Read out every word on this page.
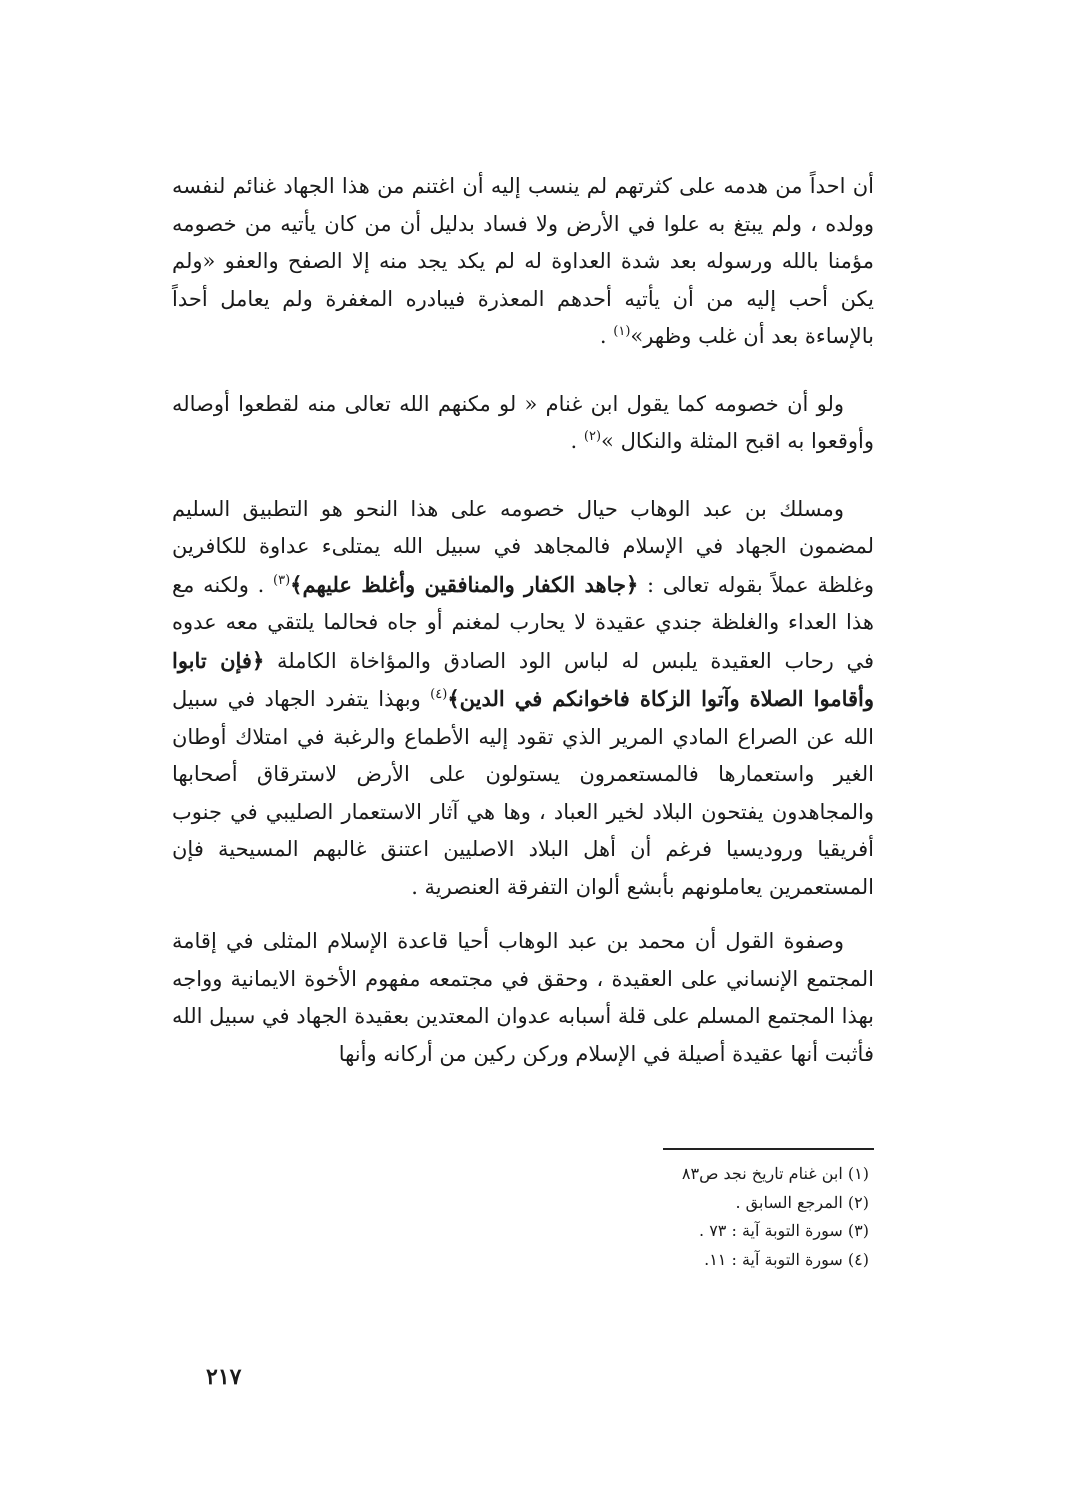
أن احداً من هدمه على كثرتهم لم ينسب إليه أن اغتنم من هذا الجهاد غنائم لنفسه وولده ، ولم يبتغ به علوا في الأرض ولا فساد بدليل أن من كان يأتيه من خصومه مؤمنا بالله ورسوله بعد شدة العداوة له لم يكد يجد منه إلا الصفح والعفو «ولم يكن أحب إليه من أن يأتيه أحدهم المعذرة فيبادره المغفرة ولم يعامل أحداً بالإساءة بعد أن غلب وظهر»$^{(١)}$ .

ولو أن خصومه كما يقول ابن غنام « لو مكنهم الله تعالى منه لقطعوا أوصاله وأوقعوا به اقبح المثلة والنكال »$^{(٢)}$ .

ومسلك بن عبد الوهاب حيال خصومه على هذا النحو هو التطبيق السليم لمضمون الجهاد في الإسلام فالمجاهد في سبيل الله يمتلىء عداوة للكافرين وغلظة عملاً بقوله تعالى : ﴿جاهد الكفار والمنافقين وأغلظ عليهم﴾$^{(٣)}$ . ولكنه مع هذا العداء والغلظة جندي عقيدة لا يحارب لمغنم أو جاه فحالما يلتقي معه عدوه في رحاب العقيدة يلبس له لباس الود الصادق والمؤاخاة الكاملة ﴿فإن تابوا وأقاموا الصلاة وآتوا الزكاة فاخوانكم في الدين﴾$^{(٤)}$ وبهذا يتفرد الجهاد في سبيل الله عن الصراع المادي المرير الذي تقود إليه الأطماع والرغبة في امتلاك أوطان الغير واستعمارها فالمستعمرون يستولون على الأرض لاسترقاق أصحابها والمجاهدون يفتحون البلاد لخير العباد ، وها هي آثار الاستعمار الصليبي في جنوب أفريقيا وروديسيا فرغم أن أهل البلاد الاصليين اعتنق غالبهم المسيحية فإن المستعمرين يعاملونهم بأبشع ألوان التفرقة العنصرية .

وصفوة القول أن محمد بن عبد الوهاب أحيا قاعدة الإسلام المثلى في إقامة المجتمع الإنساني على العقيدة ، وحقق في مجتمعه مفهوم الأخوة الايمانية وواجه بهذا المجتمع المسلم على قلة أسبابه عدوان المعتدين بعقيدة الجهاد في سبيل الله فأثبت أنها عقيدة أصيلة في الإسلام وركن ركين من أركانه وأنها

(١) ابن غنام تاريخ نجد ص٨٣

(٢) المرجع السابق .

(٣) سورة التوبة آية : ٧٣ .

(٤) سورة التوبة آية : ١١.

٢١٧
